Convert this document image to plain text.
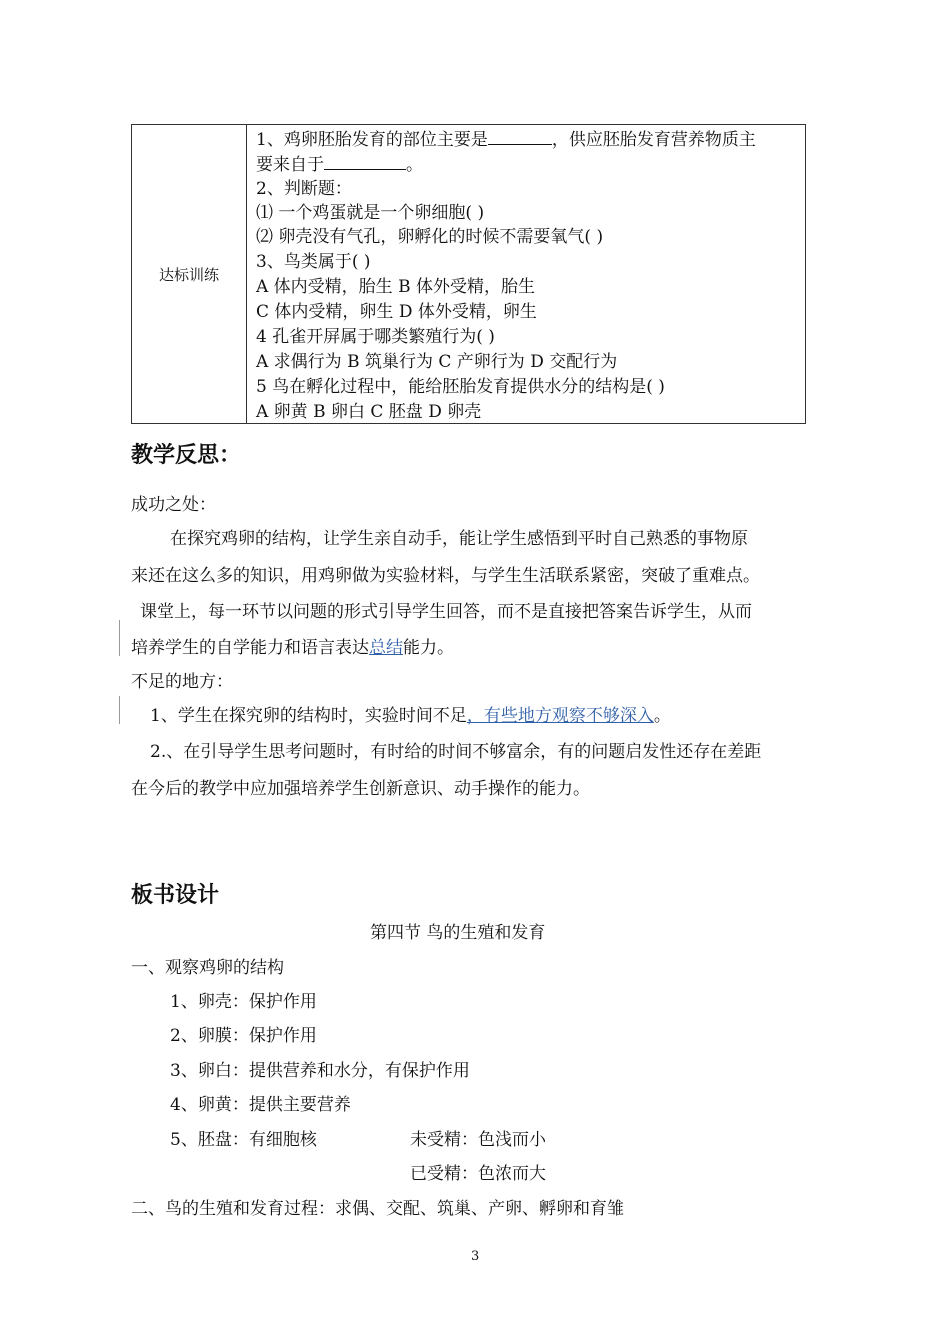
达标训练
1、鸡卵胚胎发育的部位主要是	，供应胚胎发育营养物质主
要来自于	。
2、判断题：
⑴ 一个鸡蛋就是一个卵细胞( )
⑵ 卵壳没有气孔，卵孵化的时候不需要氧气( )
3、鸟类属于( )
A 体内受精，胎生 B 体外受精，胎生
C 体内受精，卵生 D 体外受精，卵生
4 孔雀开屏属于哪类繁殖行为( )
A 求偶行为 B 筑巢行为 C 产卵行为 D 交配行为
5 鸟在孵化过程中，能给胚胎发育提供水分的结构是( )
A 卵黄 B 卵白 C 胚盘 D 卵壳
教学反思：
成功之处：
在探究鸡卵的结构，让学生亲自动手，能让学生感悟到平时自己熟悉的事物原
来还在这么多的知识，用鸡卵做为实验材料，与学生生活联系紧密，突破了重难点。
课堂上，每一环节以问题的形式引导学生回答，而不是直接把答案告诉学生，从而
培养学生的自学能力和语言表达总结能力。
不足的地方：
1、学生在探究卵的结构时，实验时间不足，有些地方观察不够深入。
2.、在引导学生思考问题时，有时给的时间不够富余，有的问题启发性还存在差距
在今后的教学中应加强培养学生创新意识、动手操作的能力。
板书设计
第四节 鸟的生殖和发育
一、观察鸡卵的结构
1、卵壳：保护作用
2、卵膜：保护作用
3、卵白：提供营养和水分，有保护作用
4、卵黄：提供主要营养
5、胚盘：有细胞核	未受精：色浅而小
已受精：色浓而大
二、鸟的生殖和发育过程：求偶、交配、筑巢、产卵、孵卵和育雏
3
